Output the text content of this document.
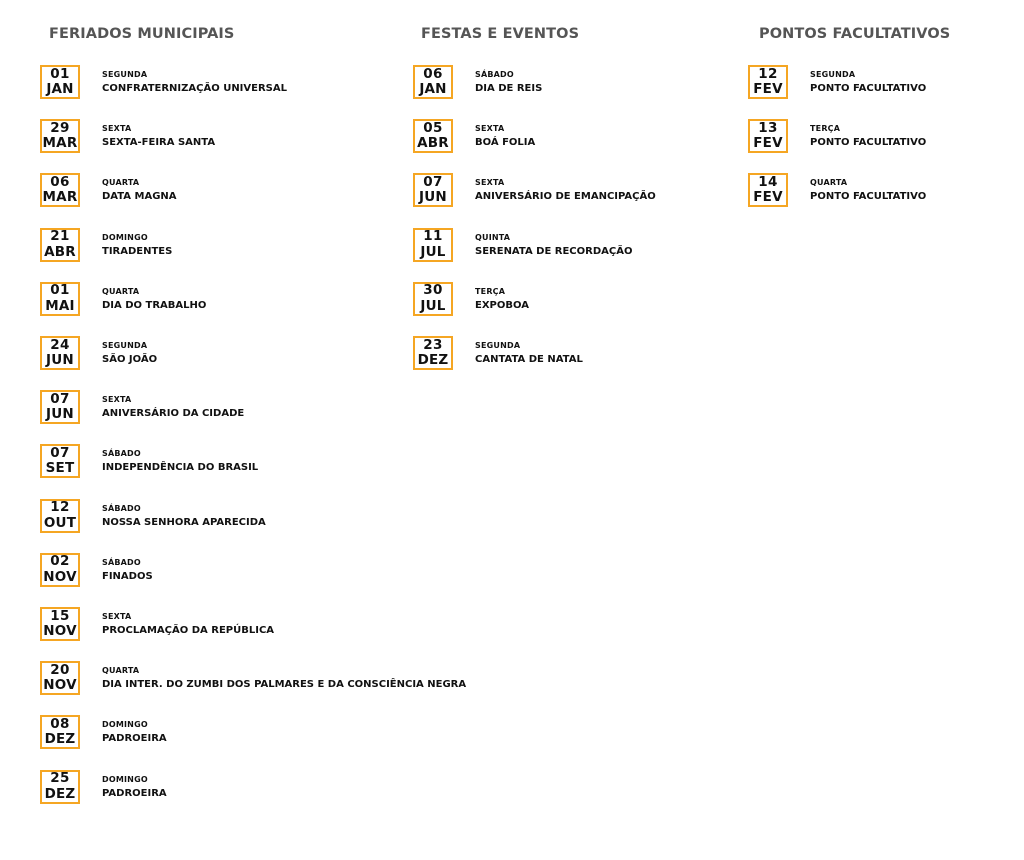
FERIADOS MUNICIPAIS
01
JAN
SEGUNDA
CONFRATERNIZAÇÃO UNIVERSAL
29
MAR
SEXTA
SEXTA-FEIRA SANTA
06
MAR
QUARTA
DATA MAGNA
21
ABR
DOMINGO
TIRADENTES
01
MAI
QUARTA
DIA DO TRABALHO
24
JUN
SEGUNDA
SÃO JOÃO
07
JUN
SEXTA
ANIVERSÁRIO DA CIDADE
07
SET
SÁBADO
INDEPENDÊNCIA DO BRASIL
12
OUT
SÁBADO
NOSSA SENHORA APARECIDA
02
NOV
SÁBADO
FINADOS
15
NOV
SEXTA
PROCLAMAÇÃO DA REPÚBLICA
20
NOV
QUARTA
DIA INTER. DO ZUMBI DOS PALMARES E DA CONSCIÊNCIA NEGRA
08
DEZ
DOMINGO
PADROEIRA
25
DEZ
DOMINGO
PADROEIRA
FESTAS E EVENTOS
06
JAN
SÁBADO
DIA DE REIS
05
ABR
SEXTA
BOÁ FOLIA
07
JUN
SEXTA
ANIVERSÁRIO DE EMANCIPAÇÃO
11
JUL
QUINTA
SERENATA DE RECORDAÇÃO
30
JUL
TERÇA
EXPOBOA
23
DEZ
SEGUNDA
CANTATA DE NATAL
PONTOS FACULTATIVOS
12
FEV
SEGUNDA
PONTO FACULTATIVO
13
FEV
TERÇA
PONTO FACULTATIVO
14
FEV
QUARTA
PONTO FACULTATIVO
